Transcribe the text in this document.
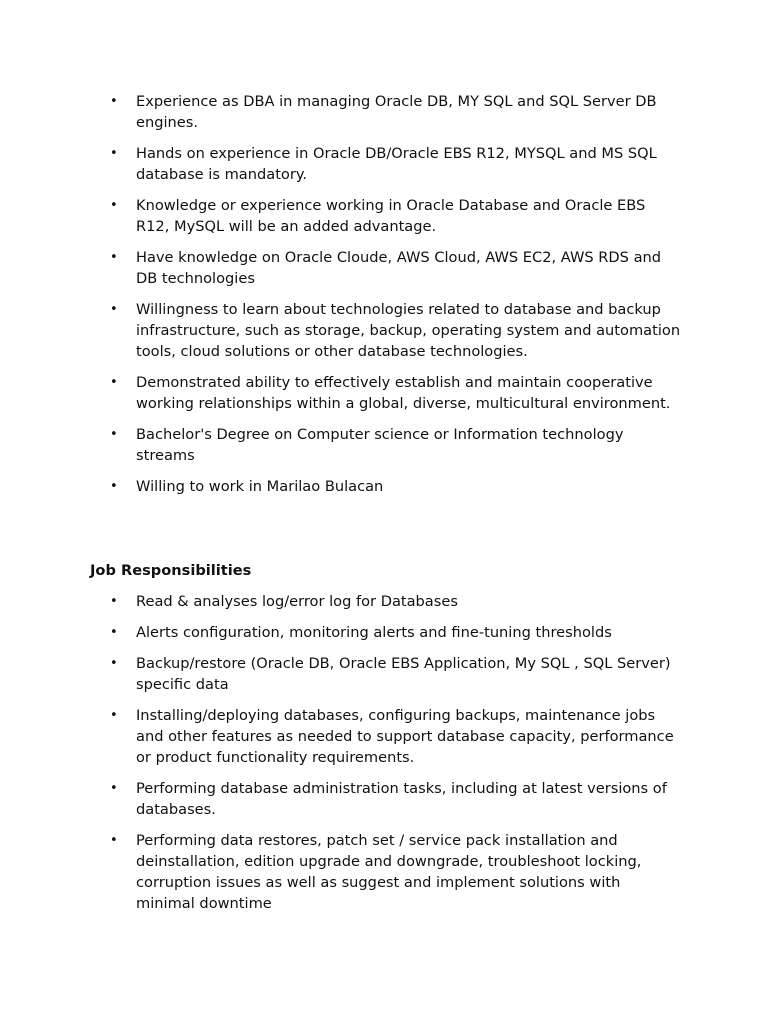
• Experience as DBA in managing Oracle DB, MY SQL and SQL Server DB engines.
• Hands on experience in Oracle DB/Oracle EBS R12, MYSQL and MS SQL database is mandatory.
• Knowledge or experience working in Oracle Database and Oracle EBS R12, MySQL will be an added advantage.
• Have knowledge on Oracle Cloude, AWS Cloud, AWS EC2, AWS RDS and DB technologies
• Willingness to learn about technologies related to database and backup infrastructure, such as storage, backup, operating system and automation tools, cloud solutions or other database technologies.
• Demonstrated ability to effectively establish and maintain cooperative working relationships within a global, diverse, multicultural environment.
• Bachelor's Degree on Computer science or Information technology streams
• Willing to work in Marilao Bulacan
Job Responsibilities
• Read & analyses log/error log for Databases
• Alerts configuration, monitoring alerts and fine-tuning thresholds
• Backup/restore (Oracle DB, Oracle EBS Application, My SQL , SQL Server) specific data
• Installing/deploying databases, configuring backups, maintenance jobs and other features as needed to support database capacity, performance or product functionality requirements.
• Performing database administration tasks, including at latest versions of databases.
• Performing data restores, patch set / service pack installation and deinstallation, edition upgrade and downgrade, troubleshoot locking, corruption issues as well as suggest and implement solutions with minimal downtime
